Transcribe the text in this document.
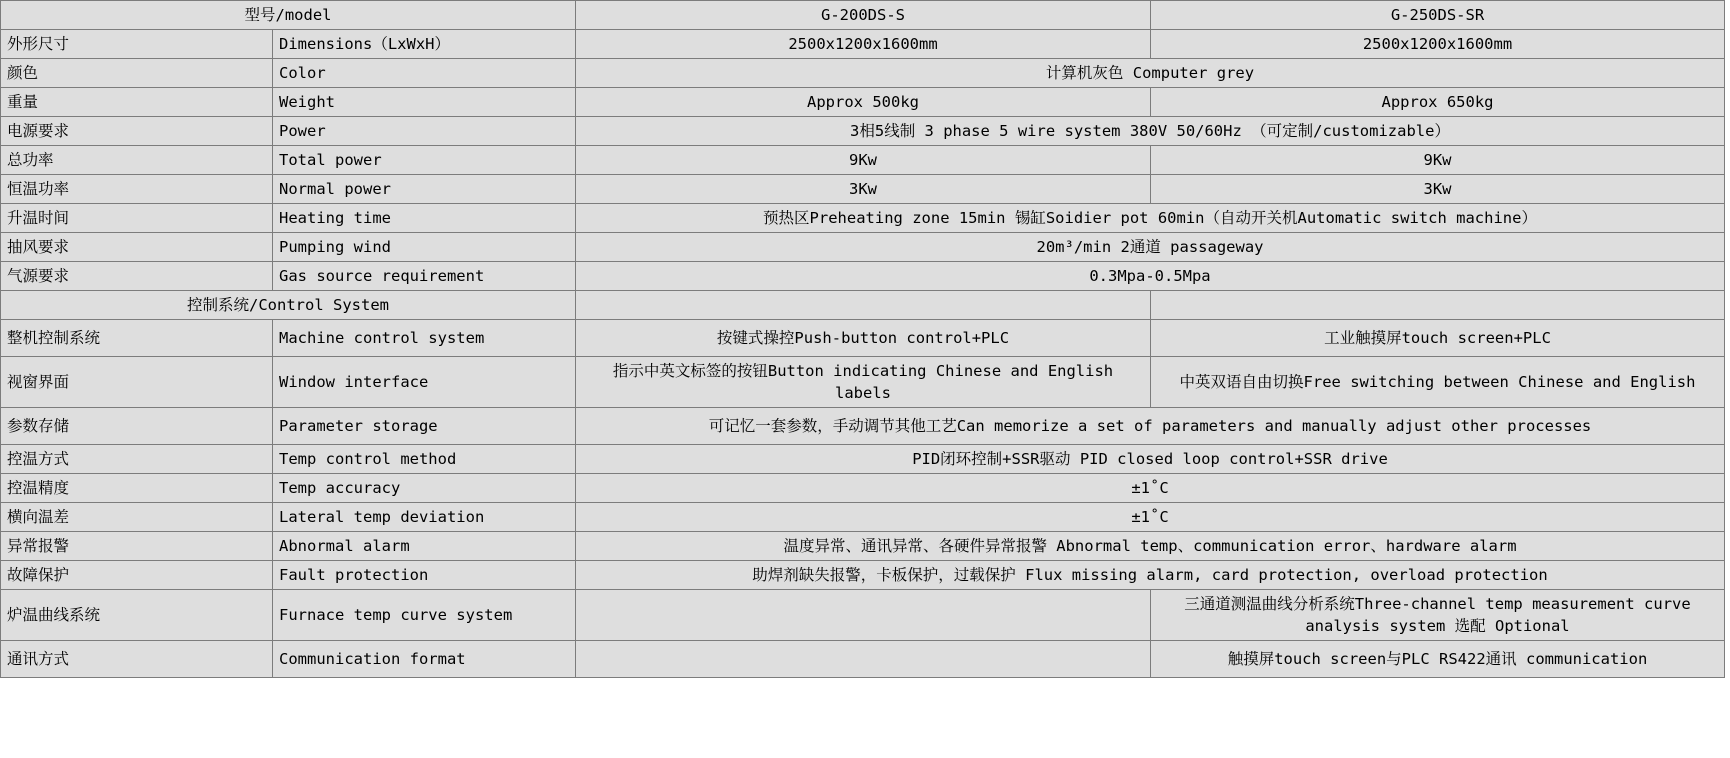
型号/model		G-200DS-S	G-250DS-SR
外形尺寸	Dimensions（LxWxH）	2500x1200x1600mm	2500x1200x1600mm
颜色	Color	计算机灰色 Computer grey	
重量	Weight	Approx 500kg	Approx 650kg
电源要求	Power	3相5线制 3 phase 5 wire system 380V 50/60Hz （可定制/customizable）	
总功率	Total power	9Kw	9Kw
恒温功率	Normal power	3Kw	3Kw
升温时间	Heating time	预热区Preheating zone 15min 锡缸Soidier pot 60min（自动开关机Automatic switch machine）	
抽风要求	Pumping wind	20m³/min 2通道 passageway	
气源要求	Gas source requirement	0.3Mpa-0.5Mpa	
控制系统/Control System			
整机控制系统	Machine control system	按键式操控Push-button control+PLC	工业触摸屏touch screen+PLC
视窗界面	Window interface	指示中英文标签的按钮Button indicating Chinese and English labels	中英双语自由切换Free switching between Chinese and English
参数存储	Parameter storage	可记忆一套参数，手动调节其他工艺Can memorize a set of parameters and manually adjust other processes	
控温方式	Temp control method	PID闭环控制+SSR驱动 PID closed loop control+SSR drive	
控温精度	Temp accuracy	±1˚C	
横向温差	Lateral temp deviation	±1˚C	
异常报警	Abnormal alarm	温度异常、通讯异常、各硬件异常报警 Abnormal temp、communication error、hardware alarm	
故障保护	Fault protection	助焊剂缺失报警，卡板保护，过载保护 Flux missing alarm, card protection, overload protection	
炉温曲线系统	Furnace temp curve system		三通道测温曲线分析系统Three-channel temp measurement curve analysis system 选配 Optional
通讯方式	Communication format		触摸屏touch screen与PLC RS422通讯 communication
